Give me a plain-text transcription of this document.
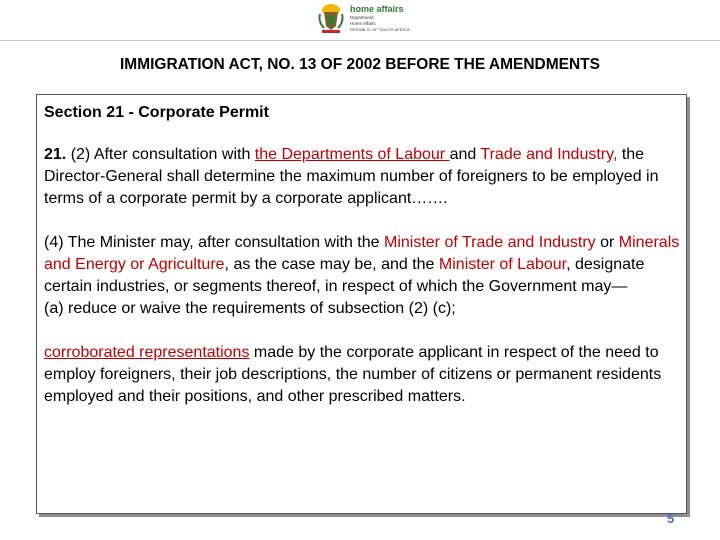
home affairs
Department:
Home Affairs
REPUBLIC OF SOUTH AFRICA
IMMIGRATION ACT, NO. 13 OF 2002 BEFORE THE AMENDMENTS

Section 21 - Corporate Permit

21. (2) After consultation with the Departments of Labour and Trade and Industry, the Director-General shall determine the maximum number of foreigners to be employed in terms of a corporate permit by a corporate applicant…….

(4) The Minister may, after consultation with the Minister of Trade and Industry or Minerals and Energy or Agriculture, as the case may be, and the Minister of Labour, designate certain industries, or segments thereof, in respect of which the Government may—

(a) reduce or waive the requirements of subsection (2) (c);

corroborated representations made by the corporate applicant in respect of the need to employ foreigners, their job descriptions, the number of citizens or permanent residents employed and their positions, and other prescribed matters.

5
